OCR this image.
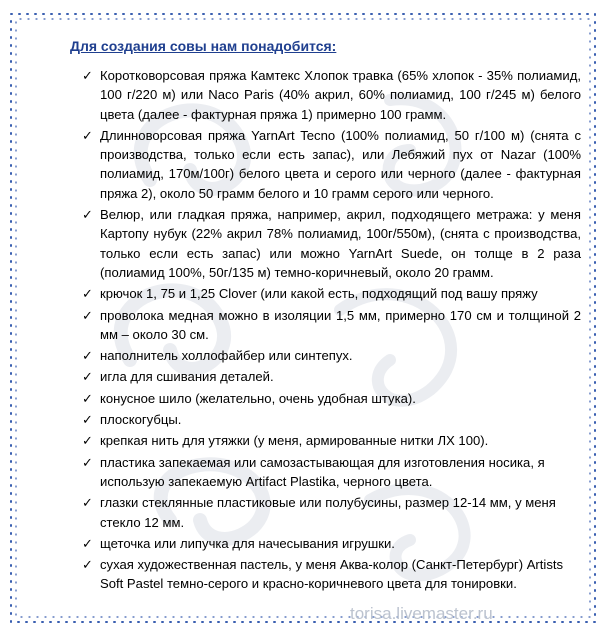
Для создания совы нам понадобится:
✓ Коротковорсовая пряжа Камтекс Хлопок травка (65% хлопок - 35% полиамид, 100 г/220 м) или Naco Paris (40% акрил, 60% полиамид, 100 г/245 м) белого цвета (далее - фактурная пряжа 1) примерно 100 грамм.
✓ Длинноворсовая пряжа YarnArt Tecno (100% полиамид, 50 г/100 м) (снята с производства, только если есть запас), или Лебяжий пух от Nazar (100% полиамид, 170м/100г) белого цвета и серого или черного (далее - фактурная пряжа 2), около 50 грамм белого и 10 грамм серого или черного.
✓ Велюр, или гладкая пряжа, например, акрил, подходящего метража: у меня Картопу нубук (22% акрил 78% полиамид, 100г/550м), (снята с производства, только если есть запас) или можно YarnArt Suede, он толще в 2 раза (полиамид 100%, 50г/135 м) темно-коричневый, около 20 грамм.
✓ крючок 1, 75 и 1,25 Clover (или какой есть, подходящий под вашу пряжу
✓ проволока медная можно в изоляции 1,5 мм, примерно 170 см и толщиной 2 мм – около 30 см.
✓ наполнитель холлофайбер или синтепух.
✓ игла для сшивания деталей.
✓ конусное шило (желательно, очень удобная штука).
✓ плоскогубцы.
✓ крепкая нить для утяжки (у меня, армированные нитки ЛХ 100).
✓ пластика запекаемая или самозастывающая для изготовления носика, я использую запекаемую Artifact Plastika, черного цвета.
✓ глазки стеклянные пластиковые или полубусины, размер 12-14 мм, у меня стекло 12 мм.
✓ щеточка или липучка для начесывания игрушки.
✓ сухая художественная пастель, у меня Аква-колор (Санкт-Петербург) Artists Soft Pastel темно-серого и красно-коричневого цвета для тонировки.
torisa.livemaster.ru
